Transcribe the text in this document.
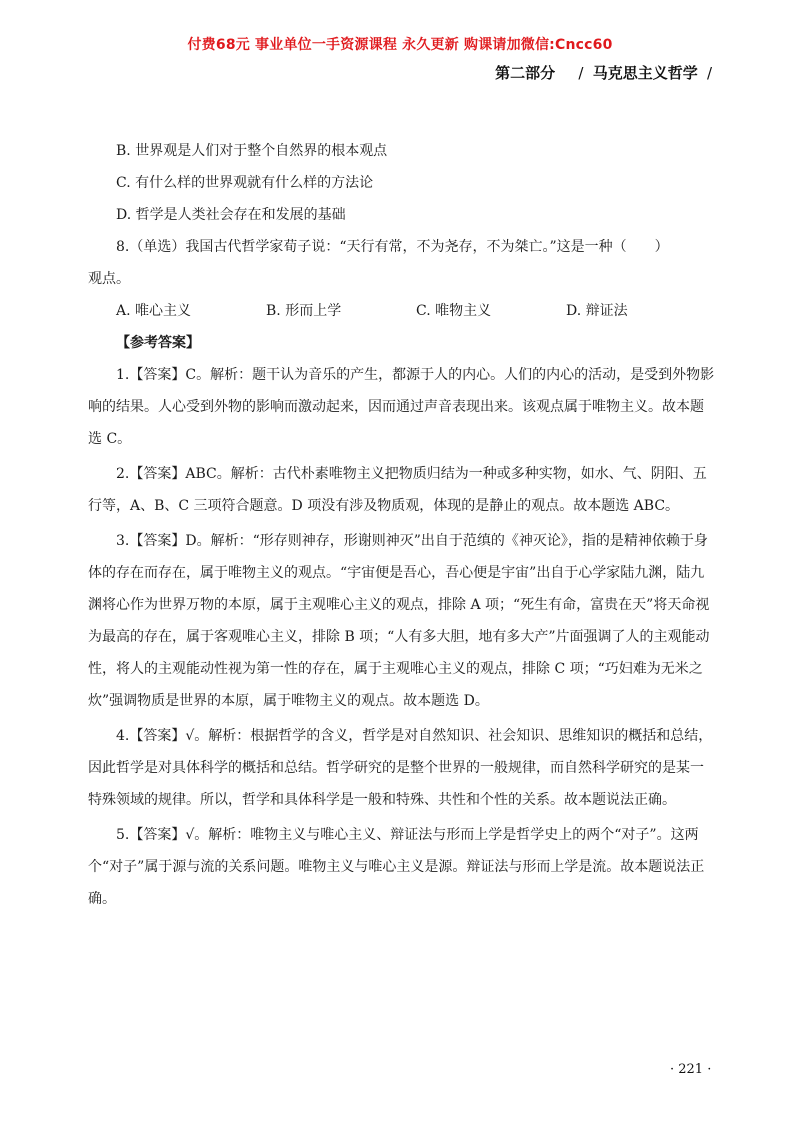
付费68元 事业单位一手资源课程 永久更新 购课请加微信:Cncc60
第二部分 / 马克思主义哲学 /

B. 世界观是人们对于整个自然界的根本观点

C. 有什么样的世界观就有什么样的方法论

D. 哲学是人类社会存在和发展的基础

8.（单选）我国古代哲学家荀子说：“天行有常，不为尧存，不为桀亡。”这是一种（　　）

观点。

A. 唯心主义	B. 形而上学	C. 唯物主义	D. 辩证法

【参考答案】

1.【答案】C。解析：题干认为音乐的产生，都源于人的内心。人们的内心的活动，是受到外物影响的结果。人心受到外物的影响而激动起来，因而通过声音表现出来。该观点属于唯物主义。故本题选 C。

2.【答案】ABC。解析：古代朴素唯物主义把物质归结为一种或多种实物，如水、气、阴阳、五行等，A、B、C 三项符合题意。D 项没有涉及物质观，体现的是静止的观点。故本题选 ABC。

3.【答案】D。解析：“形存则神存，形谢则神灭”出自于范缜的《神灭论》，指的是精神依赖于身体的存在而存在，属于唯物主义的观点。“宇宙便是吾心，吾心便是宇宙”出自于心学家陆九渊，陆九渊将心作为世界万物的本原，属于主观唯心主义的观点，排除 A 项；“死生有命，富贵在天”将天命视为最高的存在，属于客观唯心主义，排除 B 项；“人有多大胆，地有多大产”片面强调了人的主观能动性，将人的主观能动性视为第一性的存在，属于主观唯心主义的观点，排除 C 项；“巧妇难为无米之炊”强调物质是世界的本原，属于唯物主义的观点。故本题选 D。

4.【答案】√。解析：根据哲学的含义，哲学是对自然知识、社会知识、思维知识的概括和总结，因此哲学是对具体科学的概括和总结。哲学研究的是整个世界的一般规律，而自然科学研究的是某一特殊领域的规律。所以，哲学和具体科学是一般和特殊、共性和个性的关系。故本题说法正确。

5.【答案】√。解析：唯物主义与唯心主义、辩证法与形而上学是哲学史上的两个“对子”。这两个“对子”属于源与流的关系问题。唯物主义与唯心主义是源。辩证法与形而上学是流。故本题说法正确。

· 221 ·
